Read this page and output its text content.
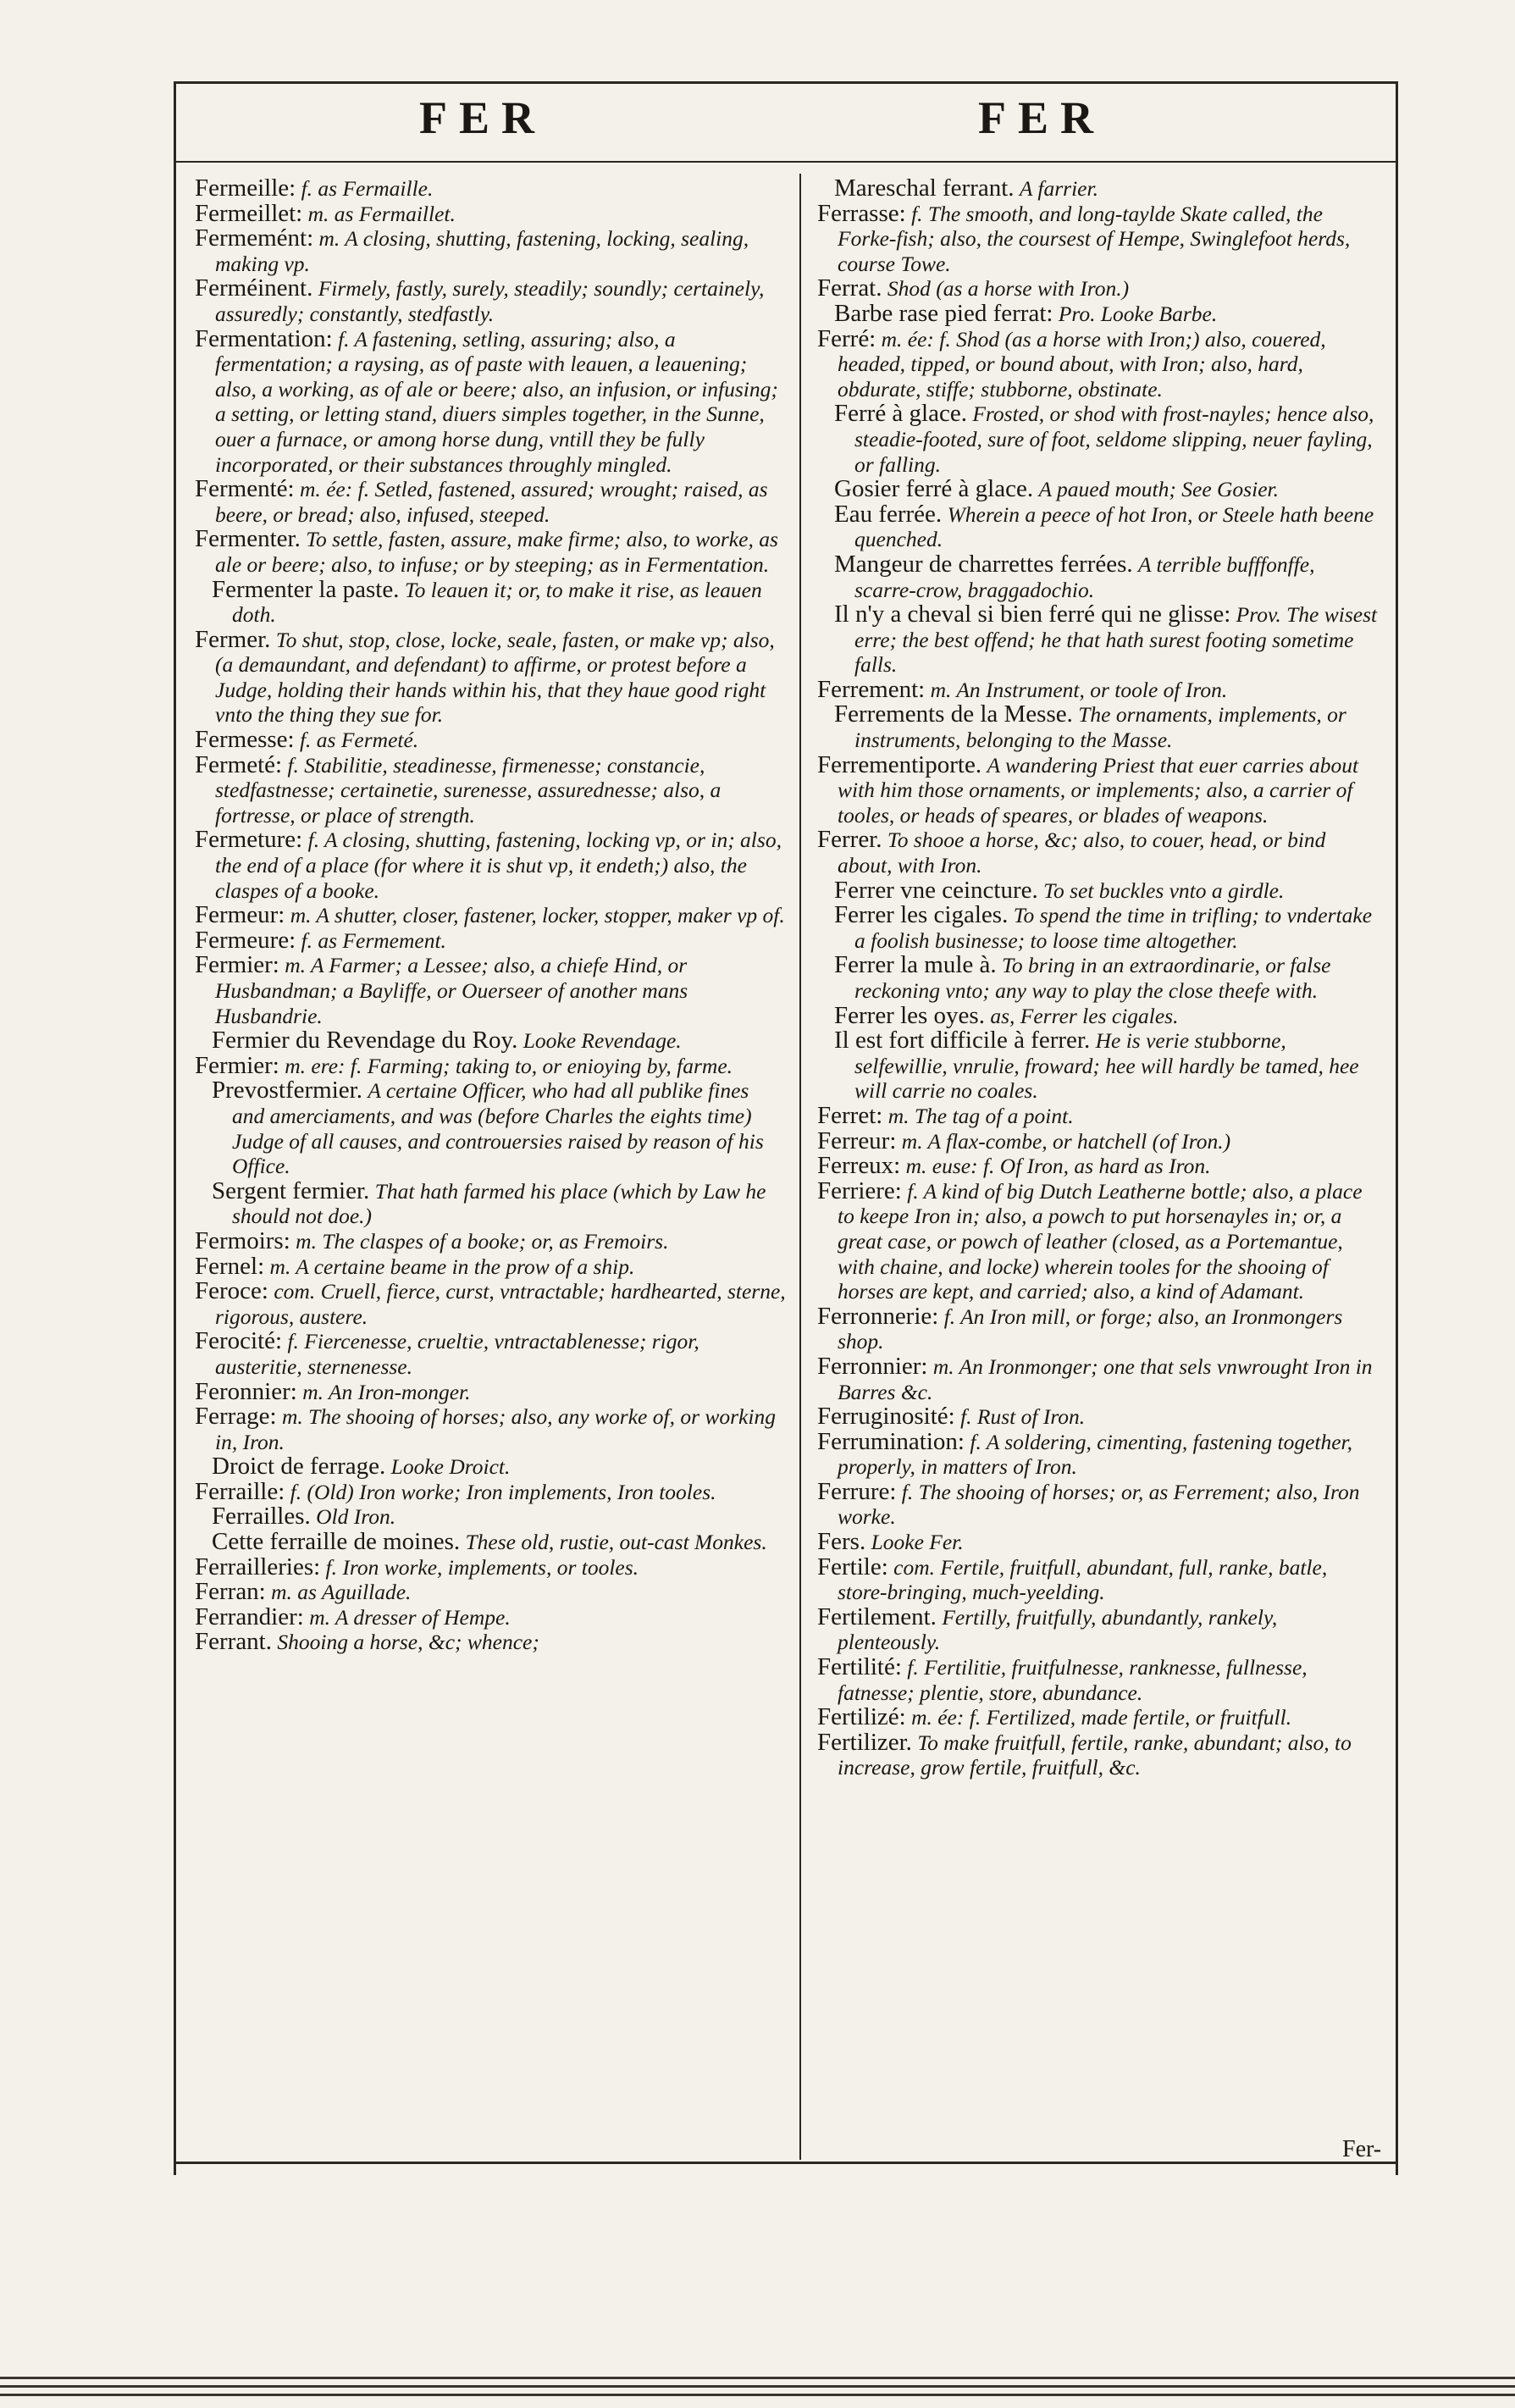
FER	FER

Fermeille: f. as Fermaille.

Fermeillet: m. as Fermaillet.

Fermemént: m. A closing, shutting, fastening, locking, sealing, making vp.

Ferméinent. Firmely, fastly, surely, steadily; soundly; certainely, assuredly; constantly, stedfastly.

Fermentation: f. A fastening, setling, assuring; also, a fermentation; a raysing, as of paste with leauen, a leauening; also, a working, as of ale or beere; also, an infusion, or infusing; a setting, or letting stand, diuers simples together, in the Sunne, ouer a furnace, or among horse dung, vntill they be fully incorporated, or their substances throughly mingled.

Fermenté: m. ée: f. Setled, fastened, assured; wrought; raised, as beere, or bread; also, infused, steeped.

Fermenter. To settle, fasten, assure, make firme; also, to worke, as ale or beere; also, to infuse; or by steeping; as in Fermentation.

Fermenter la paste. To leauen it; or, to make it rise, as leauen doth.

Fermer. To shut, stop, close, locke, seale, fasten, or make vp; also, (a demaundant, and defendant) to affirme, or protest before a Judge, holding their hands within his, that they haue good right vnto the thing they sue for.

Fermesse: f. as Fermeté.

Fermeté: f. Stabilitie, steadinesse, firmenesse; constancie, stedfastnesse; certainetie, surenesse, assurednesse; also, a fortresse, or place of strength.

Fermeture: f. A closing, shutting, fastening, locking vp, or in; also, the end of a place (for where it is shut vp, it endeth;) also, the claspes of a booke.

Fermeur: m. A shutter, closer, fastener, locker, stopper, maker vp of.

Fermeure: f. as Fermement.

Fermier: m. A Farmer; a Lessee; also, a chiefe Hind, or Husbandman; a Bayliffe, or Ouerseer of another mans Husbandrie.

Fermier du Revendage du Roy. Looke Revendage.

Fermier: m. ere: f. Farming; taking to, or enioying by, farme.

Prevostfermier. A certaine Officer, who had all publike fines and amerciaments, and was (before Charles the eights time) Judge of all causes, and controuersies raised by reason of his Office.

Sergent fermier. That hath farmed his place (which by Law he should not doe.)

Fermoirs: m. The claspes of a booke; or, as Fremoirs.

Fernel: m. A certaine beame in the prow of a ship.

Feroce: com. Cruell, fierce, curst, vntractable; hardhearted, sterne, rigorous, austere.

Ferocité: f. Fiercenesse, crueltie, vntractablenesse; rigor, austeritie, sternenesse.

Feronnier: m. An Iron-monger.

Ferrage: m. The shooing of horses; also, any worke of, or working in, Iron.

Droict de ferrage. Looke Droict.

Ferraille: f. (Old) Iron worke; Iron implements, Iron tooles.

Ferrailles. Old Iron.

Cette ferraille de moines. These old, rustie, out-cast Monkes.

Ferrailleries: f. Iron worke, implements, or tooles.

Ferran: m. as Aguillade.

Ferrandier: m. A dresser of Hempe.

Ferrant. Shooing a horse, &c; whence;

Mareschal ferrant. A farrier.

Ferrasse: f. The smooth, and long-taylde Skate called, the Forke-fish; also, the coursest of Hempe, Swinglefoot herds, course Towe.

Ferrat. Shod (as a horse with Iron.)

Barbe rase pied ferrat: Pro. Looke Barbe.

Ferré: m. ée: f. Shod (as a horse with Iron;) also, couered, headed, tipped, or bound about, with Iron; also, hard, obdurate, stiffe; stubborne, obstinate.

Ferré à glace. Frosted, or shod with frost-nayles; hence also, steadie-footed, sure of foot, seldome slipping, neuer fayling, or falling.

Gosier ferré à glace. A paued mouth; See Gosier.

Eau ferrée. Wherein a peece of hot Iron, or Steele hath beene quenched.

Mangeur de charrettes ferrées. A terrible bufffonffe, scarre-crow, braggadochio.

Il n'y a cheval si bien ferré qui ne glisse: Prov. The wisest erre; the best offend; he that hath surest footing sometime falls.

Ferrement: m. An Instrument, or toole of Iron.

Ferrements de la Messe. The ornaments, implements, or instruments, belonging to the Masse.

Ferrementiporte. A wandering Priest that euer carries about with him those ornaments, or implements; also, a carrier of tooles, or heads of speares, or blades of weapons.

Ferrer. To shooe a horse, &c; also, to couer, head, or bind about, with Iron.

Ferrer vne ceincture. To set buckles vnto a girdle.

Ferrer les cigales. To spend the time in trifling; to vndertake a foolish businesse; to loose time altogether.

Ferrer la mule à. To bring in an extraordinarie, or false reckoning vnto; any way to play the close theefe with.

Ferrer les oyes. as, Ferrer les cigales.

Il est fort difficile à ferrer. He is verie stubborne, selfewillie, vnrulie, froward; hee will hardly be tamed, hee will carrie no coales.

Ferret: m. The tag of a point.

Ferreur: m. A flax-combe, or hatchell (of Iron.)

Ferreux: m. euse: f. Of Iron, as hard as Iron.

Ferriere: f. A kind of big Dutch Leatherne bottle; also, a place to keepe Iron in; also, a powch to put horsenayles in; or, a great case, or powch of leather (closed, as a Portemantue, with chaine, and locke) wherein tooles for the shooing of horses are kept, and carried; also, a kind of Adamant.

Ferronnerie: f. An Iron mill, or forge; also, an Ironmongers shop.

Ferronnier: m. An Ironmonger; one that sels vnwrought Iron in Barres &c.

Ferruginosité: f. Rust of Iron.

Ferrumination: f. A soldering, cimenting, fastening together, properly, in matters of Iron.

Ferrure: f. The shooing of horses; or, as Ferrement; also, Iron worke.

Fers. Looke Fer.

Fertile: com. Fertile, fruitfull, abundant, full, ranke, batle, store-bringing, much-yeelding.

Fertilement. Fertilly, fruitfully, abundantly, rankely, plenteously.

Fertilité: f. Fertilitie, fruitfulnesse, ranknesse, fullnesse, fatnesse; plentie, store, abundance.

Fertilizé: m. ée: f. Fertilized, made fertile, or fruitfull.

Fertilizer. To make fruitfull, fertile, ranke, abundant; also, to increase, grow fertile, fruitfull, &c.

Fer-
